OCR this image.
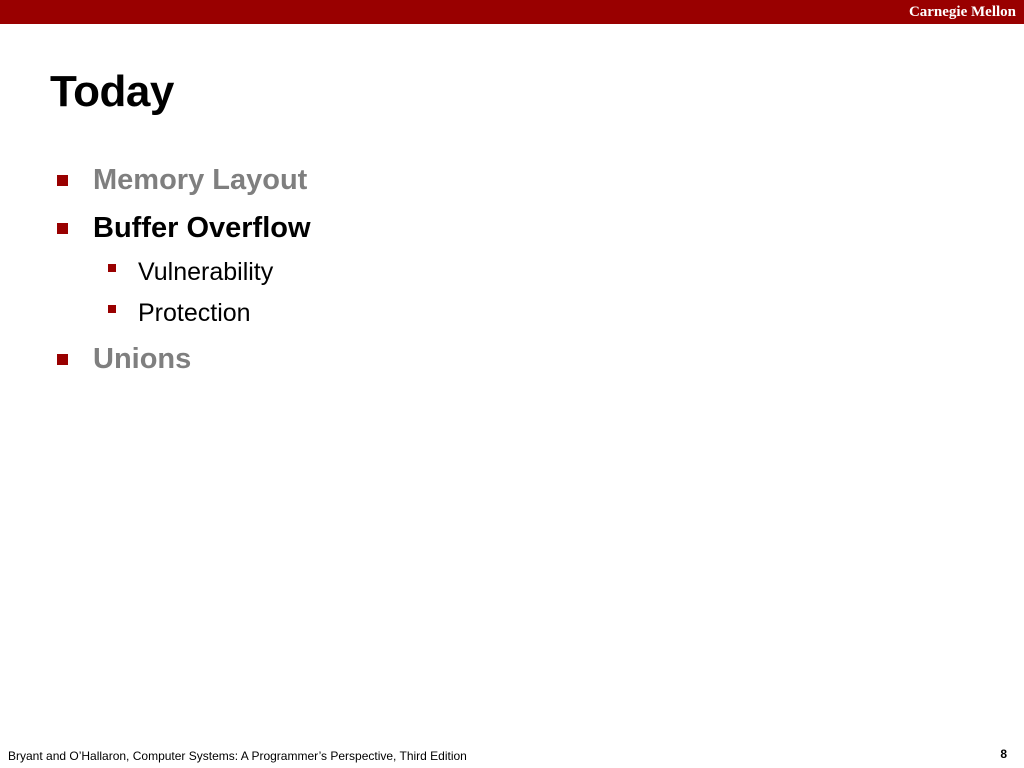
Carnegie Mellon
Today
Memory Layout
Buffer Overflow
Vulnerability
Protection
Unions
Bryant and O’Hallaron, Computer Systems: A Programmer’s Perspective, Third Edition	8
